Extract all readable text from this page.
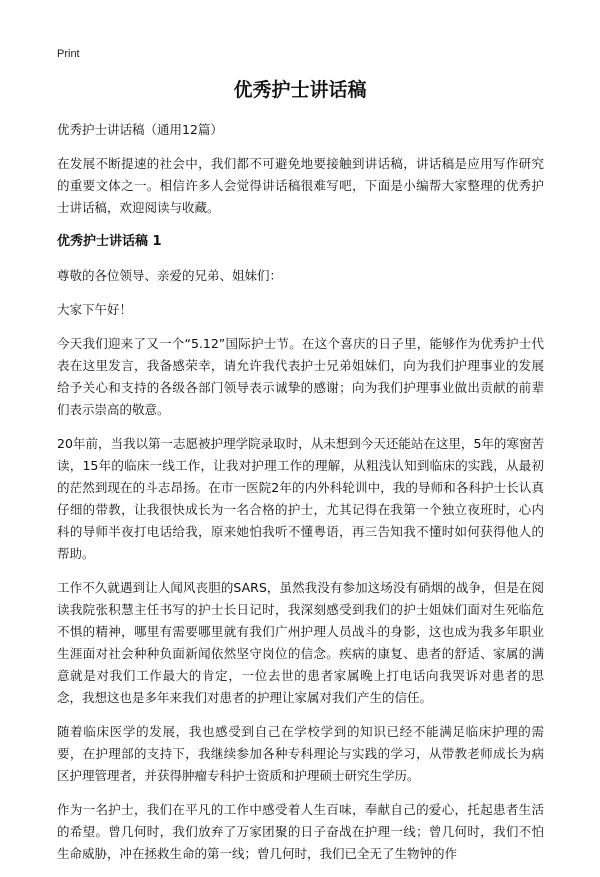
Print
优秀护士讲话稿

优秀护士讲话稿（通用12篇）

在发展不断提速的社会中，我们都不可避免地要接触到讲话稿，讲话稿是应用写作研究的重要文体之一。相信许多人会觉得讲话稿很难写吧，下面是小编帮大家整理的优秀护士讲话稿，欢迎阅读与收藏。

优秀护士讲话稿 1

尊敬的各位领导、亲爱的兄弟、姐妹们：

大家下午好！

今天我们迎来了又一个“5.12”国际护士节。在这个喜庆的日子里，能够作为优秀护士代表在这里发言，我备感荣幸，请允许我代表护士兄弟姐妹们，向为我们护理事业的发展给予关心和支持的各级各部门领导表示诚挚的感谢；向为我们护理事业做出贡献的前辈们表示崇高的敬意。

20年前，当我以第一志愿被护理学院录取时，从未想到今天还能站在这里，5年的寒窗苦读，15年的临床一线工作，让我对护理工作的理解，从粗浅认知到临床的实践，从最初的茫然到现在的斗志昂扬。在市一医院2年的内外科轮训中，我的导师和各科护士长认真仔细的带教，让我很快成长为一名合格的护士，尤其记得在我第一个独立夜班时，心内科的导师半夜打电话给我，原来她怕我听不懂粤语，再三告知我不懂时如何获得他人的帮助。

工作不久就遇到让人闻风丧胆的SARS，虽然我没有参加这场没有硝烟的战争，但是在阅读我院张积慧主任书写的护士长日记时，我深刻感受到我们的护士姐妹们面对生死临危不惧的精神，哪里有需要哪里就有我们广州护理人员战斗的身影，这也成为我多年职业生涯面对社会种种负面新闻依然坚守岗位的信念。疾病的康复、患者的舒适、家属的满意就是对我们工作最大的肯定，一位去世的患者家属晚上打电话向我哭诉对患者的思念，我想这也是多年来我们对患者的护理让家属对我们产生的信任。

随着临床医学的发展，我也感受到自己在学校学到的知识已经不能满足临床护理的需要，在护理部的支持下，我继续参加各种专科理论与实践的学习，从带教老师成长为病区护理管理者，并获得肿瘤专科护士资质和护理硕士研究生学历。

作为一名护士，我们在平凡的工作中感受着人生百味，奉献自己的爱心，托起患者生活的希望。曾几何时，我们放弃了万家团聚的日子奋战在护理一线；曾几何时，我们不怕生命威胁，冲在拯救生命的第一线；曾几何时，我们已全无了生物钟的作
